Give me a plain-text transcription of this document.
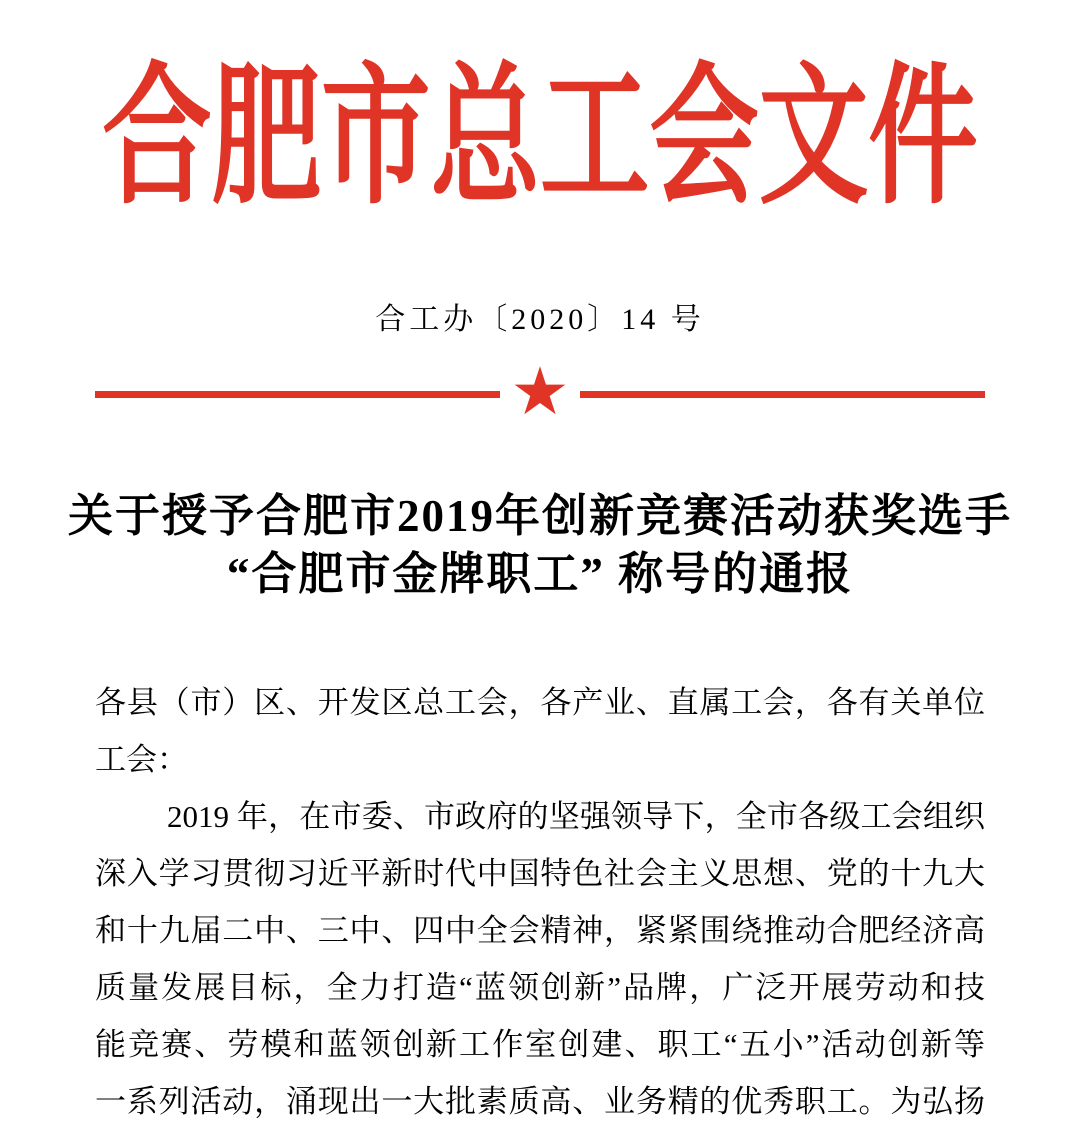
合肥市总工会文件
合工办〔2020〕14 号
★
关于授予合肥市2019年创新竞赛活动获奖选手
“合肥市金牌职工” 称号的通报
各县（市）区、开发区总工会，各产业、直属工会，各有关单位
工会：
2019 年，在市委、市政府的坚强领导下，全市各级工会组织
深入学习贯彻习近平新时代中国特色社会主义思想、党的十九大
和十九届二中、三中、四中全会精神，紧紧围绕推动合肥经济高
质量发展目标，全力打造“蓝领创新”品牌，广泛开展劳动和技
能竞赛、劳模和蓝领创新工作室创建、职工“五小”活动创新等
一系列活动，涌现出一大批素质高、业务精的优秀职工。为弘扬
